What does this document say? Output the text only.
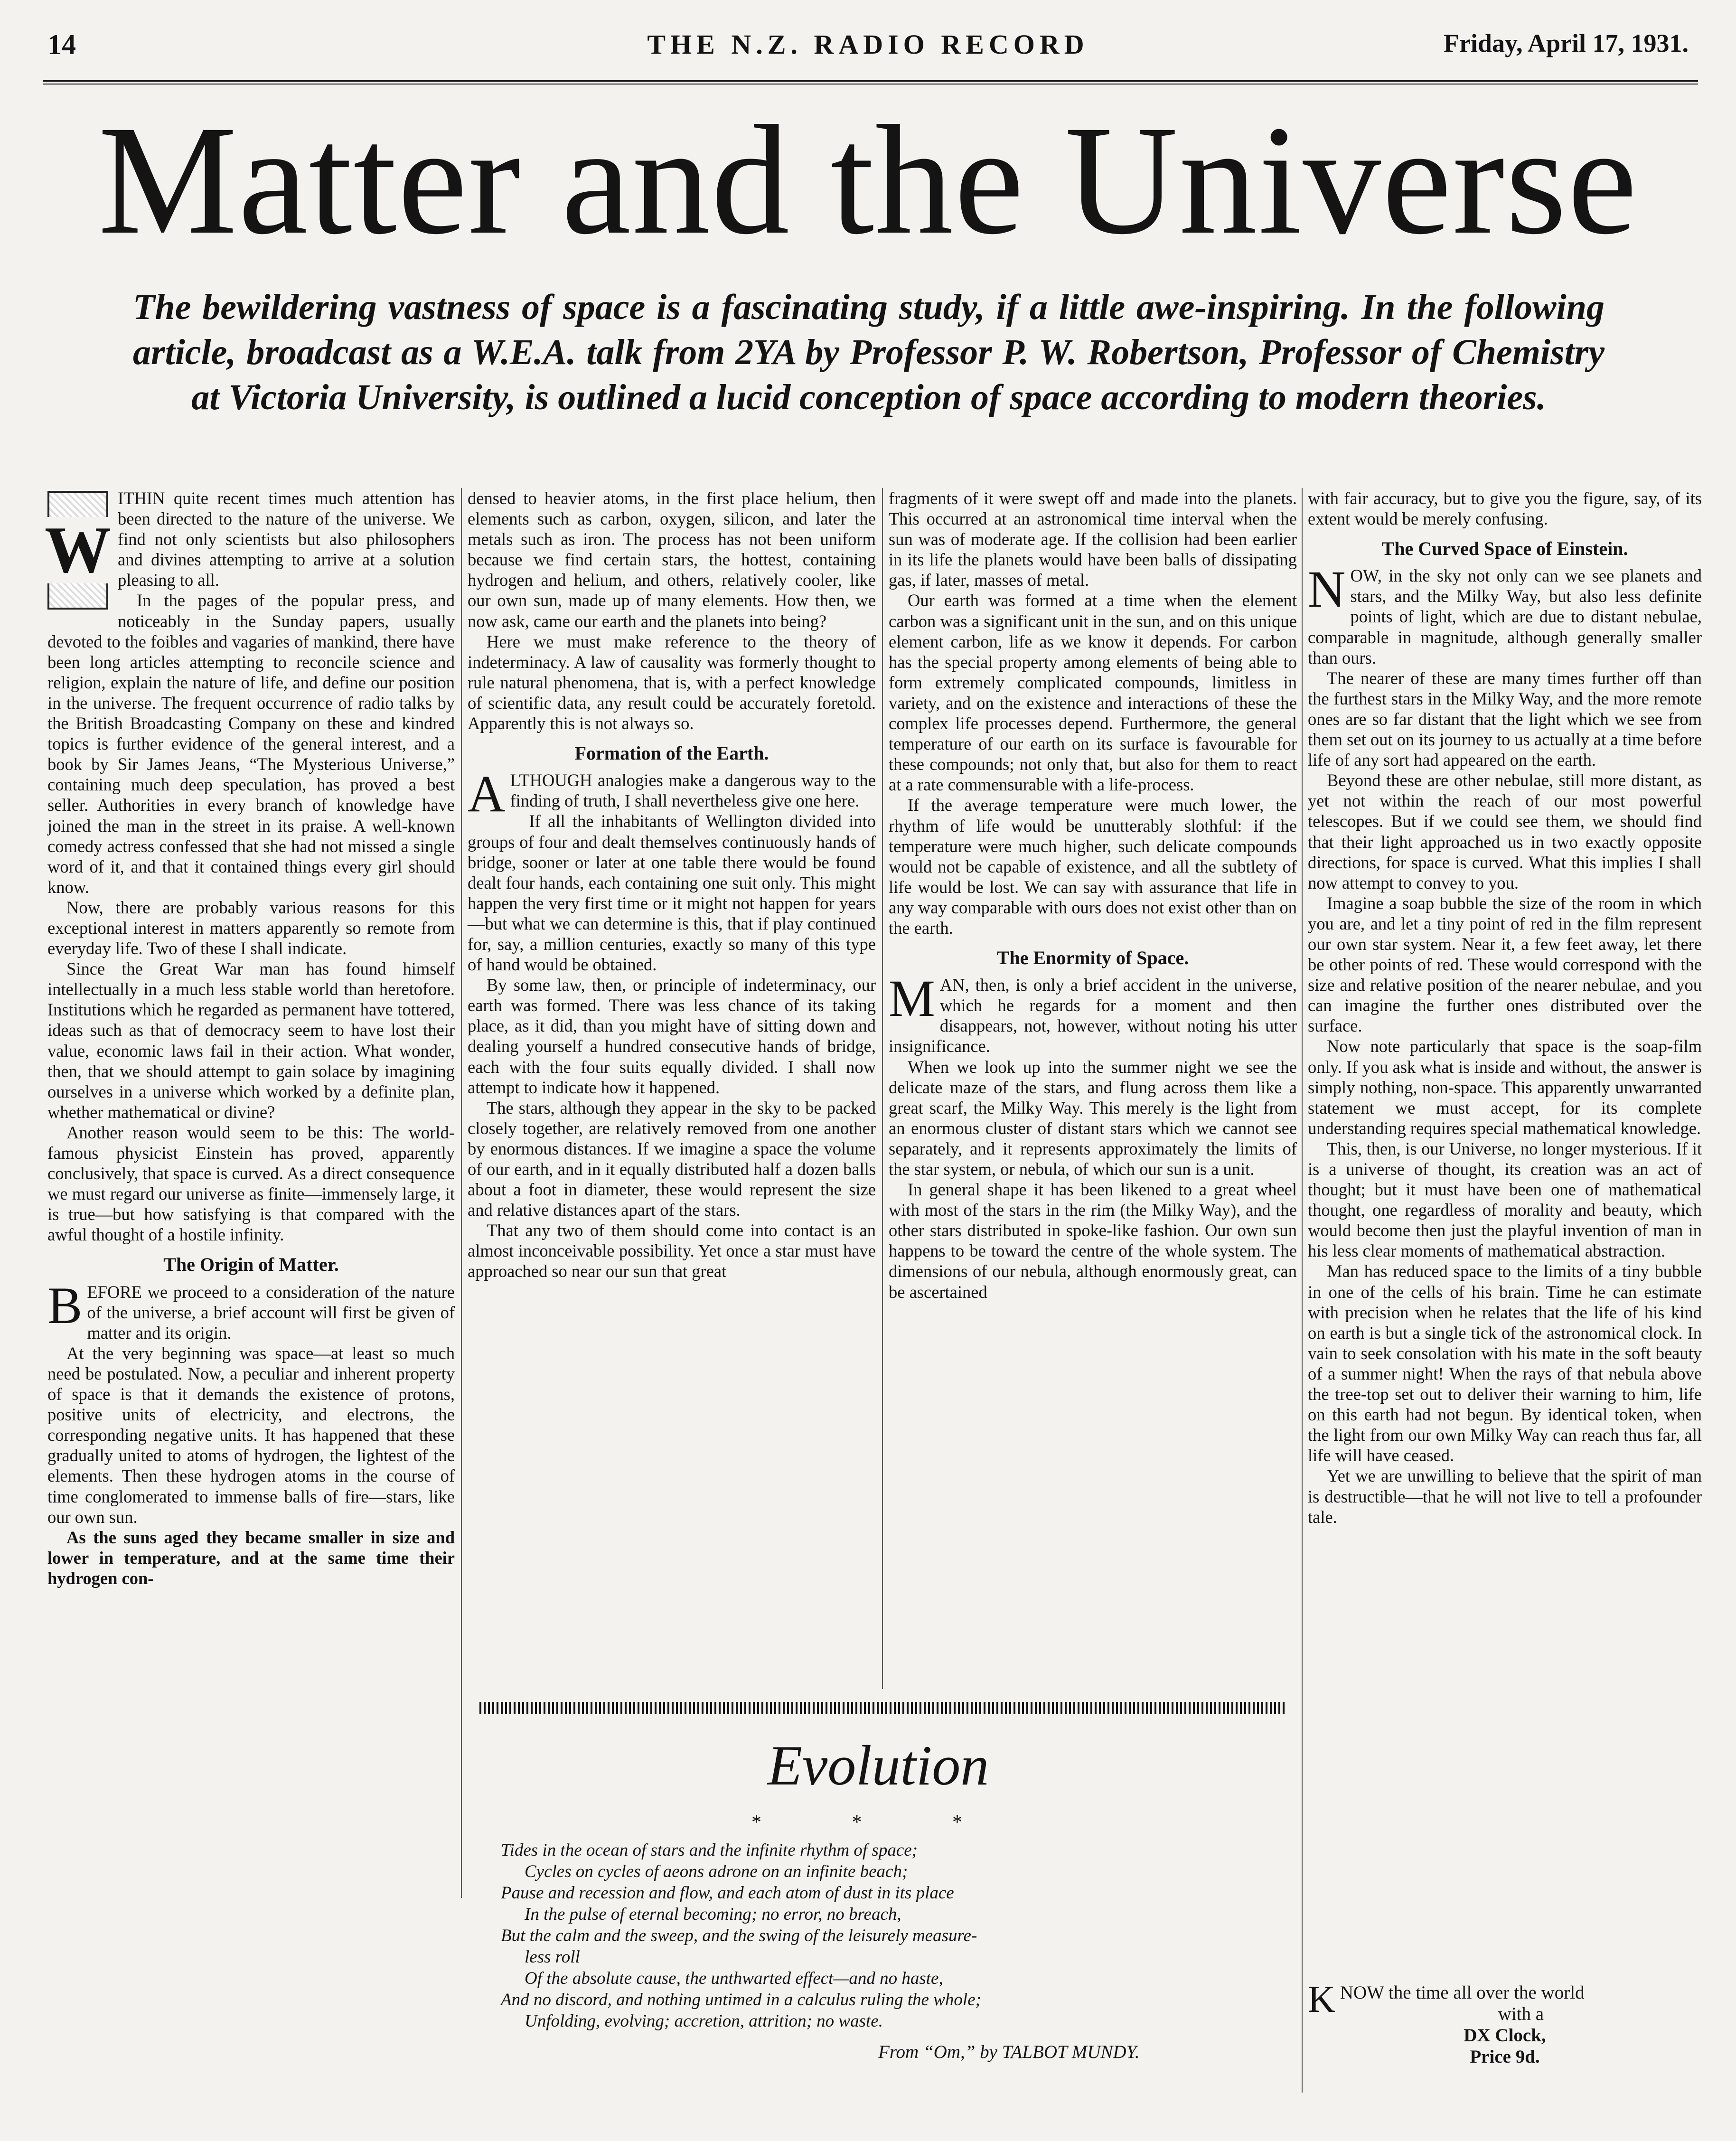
14	THE N.Z. RADIO RECORD	Friday, April 17, 1931.
Matter and the Universe
The bewildering vastness of space is a fascinating study, if a little awe-inspiring. In the following article, broadcast as a W.E.A. talk from 2YA by Professor P. W. Robertson, Professor of Chemistry at Victoria University, is outlined a lucid conception of space according to modern theories.

W
ITHIN quite recent times much attention has been directed to the nature of the universe. We find not only scientists but also philosophers and divines attempting to arrive at a solution pleasing to all.

In the pages of the popular press, and noticeably in the Sunday papers, usually devoted to the foibles and vagaries of mankind, there have been long articles attempting to reconcile science and religion, explain the nature of life, and define our position in the universe. The frequent occurrence of radio talks by the British Broadcasting Company on these and kindred topics is further evidence of the general interest, and a book by Sir James Jeans, “The Mysterious Universe,” containing much deep speculation, has proved a best seller. Authorities in every branch of knowledge have joined the man in the street in its praise. A well-known comedy actress confessed that she had not missed a single word of it, and that it contained things every girl should know.

Now, there are probably various reasons for this exceptional interest in matters apparently so remote from everyday life. Two of these I shall indicate.

Since the Great War man has found himself intellectually in a much less stable world than heretofore. Institutions which he regarded as permanent have tottered, ideas such as that of democracy seem to have lost their value, economic laws fail in their action. What wonder, then, that we should attempt to gain solace by imagining ourselves in a universe which worked by a definite plan, whether mathematical or divine?

Another reason would seem to be this: The world-famous physicist Einstein has proved, apparently conclusively, that space is curved. As a direct consequence we must regard our universe as finite—immensely large, it is true—but how satisfying is that compared with the awful thought of a hostile infinity.

The Origin of Matter.

BEFORE we proceed to a consideration of the nature of the universe, a brief account will first be given of matter and its origin.

At the very beginning was space—at least so much need be postulated. Now, a peculiar and inherent property of space is that it demands the existence of protons, positive units of electricity, and electrons, the corresponding negative units. It has happened that these gradually united to atoms of hydrogen, the lightest of the elements. Then these hydrogen atoms in the course of time conglomerated to immense balls of fire—stars, like our own sun.

As the suns aged they became smaller in size and lower in temperature, and at the same time their hydrogen con-

densed to heavier atoms, in the first place helium, then elements such as carbon, oxygen, silicon, and later the metals such as iron. The process has not been uniform because we find certain stars, the hottest, containing hydrogen and helium, and others, relatively cooler, like our own sun, made up of many elements. How then, we now ask, came our earth and the planets into being?

Here we must make reference to the theory of indeterminacy. A law of causality was formerly thought to rule natural phenomena, that is, with a perfect knowledge of scientific data, any result could be accurately foretold. Apparently this is not always so.

Formation of the Earth.

ALTHOUGH analogies make a dangerous way to the finding of truth, I shall nevertheless give one here.

If all the inhabitants of Wellington divided into groups of four and dealt themselves continuously hands of bridge, sooner or later at one table there would be found dealt four hands, each containing one suit only. This might happen the very first time or it might not happen for years—but what we can determine is this, that if play continued for, say, a million centuries, exactly so many of this type of hand would be obtained.

By some law, then, or principle of indeterminacy, our earth was formed. There was less chance of its taking place, as it did, than you might have of sitting down and dealing yourself a hundred consecutive hands of bridge, each with the four suits equally divided. I shall now attempt to indicate how it happened.

The stars, although they appear in the sky to be packed closely together, are relatively removed from one another by enormous distances. If we imagine a space the volume of our earth, and in it equally distributed half a dozen balls about a foot in diameter, these would represent the size and relative distances apart of the stars.

That any two of them should come into contact is an almost inconceivable possibility. Yet once a star must have approached so near our sun that great

fragments of it were swept off and made into the planets. This occurred at an astronomical time interval when the sun was of moderate age. If the collision had been earlier in its life the planets would have been balls of dissipating gas, if later, masses of metal.

Our earth was formed at a time when the element carbon was a significant unit in the sun, and on this unique element carbon, life as we know it depends. For carbon has the special property among elements of being able to form extremely complicated compounds, limitless in variety, and on the existence and interactions of these the complex life processes depend. Furthermore, the general temperature of our earth on its surface is favourable for these compounds; not only that, but also for them to react at a rate commensurable with a life-process.

If the average temperature were much lower, the rhythm of life would be unutterably slothful: if the temperature were much higher, such delicate compounds would not be capable of existence, and all the subtlety of life would be lost. We can say with assurance that life in any way comparable with ours does not exist other than on the earth.

The Enormity of Space.

MAN, then, is only a brief accident in the universe, which he regards for a moment and then disappears, not, however, without noting his utter insignificance.

When we look up into the summer night we see the delicate maze of the stars, and flung across them like a great scarf, the Milky Way. This merely is the light from an enormous cluster of distant stars which we cannot see separately, and it represents approximately the limits of the star system, or nebula, of which our sun is a unit.

In general shape it has been likened to a great wheel with most of the stars in the rim (the Milky Way), and the other stars distributed in spoke-like fashion. Our own sun happens to be toward the centre of the whole system. The dimensions of our nebula, although enormously great, can be ascertained

with fair accuracy, but to give you the figure, say, of its extent would be merely confusing.

The Curved Space of Einstein.

NOW, in the sky not only can we see planets and stars, and the Milky Way, but also less definite points of light, which are due to distant nebulae, comparable in magnitude, although generally smaller than ours.

The nearer of these are many times further off than the furthest stars in the Milky Way, and the more remote ones are so far distant that the light which we see from them set out on its journey to us actually at a time before life of any sort had appeared on the earth.

Beyond these are other nebulae, still more distant, as yet not within the reach of our most powerful telescopes. But if we could see them, we should find that their light approached us in two exactly opposite directions, for space is curved. What this implies I shall now attempt to convey to you.

Imagine a soap bubble the size of the room in which you are, and let a tiny point of red in the film represent our own star system. Near it, a few feet away, let there be other points of red. These would correspond with the size and relative position of the nearer nebulae, and you can imagine the further ones distributed over the surface.

Now note particularly that space is the soap-film only. If you ask what is inside and without, the answer is simply nothing, non-space. This apparently unwarranted statement we must accept, for its complete understanding requires special mathematical knowledge.

This, then, is our Universe, no longer mysterious. If it is a universe of thought, its creation was an act of thought; but it must have been one of mathematical thought, one regardless of morality and beauty, which would become then just the playful invention of man in his less clear moments of mathematical abstraction.

Man has reduced space to the limits of a tiny bubble in one of the cells of his brain. Time he can estimate with precision when he relates that the life of his kind on earth is but a single tick of the astronomical clock. In vain to seek consolation with his mate in the soft beauty of a summer night! When the rays of that nebula above the tree-top set out to deliver their warning to him, life on this earth had not begun. By identical token, when the light from our own Milky Way can reach thus far, all life will have ceased.

Yet we are unwilling to believe that the spirit of man is destructible—that he will not live to tell a profounder tale.

Evolution
* * *
Tides in the ocean of stars and the infinite rhythm of space;
Cycles on cycles of aeons adrone on an infinite beach;
Pause and recession and flow, and each atom of dust in its place
In the pulse of eternal becoming; no error, no breach,
But the calm and the sweep, and the swing of the leisurely measure-
less roll
Of the absolute cause, the unthwarted effect—and no haste,
And no discord, and nothing untimed in a calculus ruling the whole;
Unfolding, evolving; accretion, attrition; no waste.
From “Om,” by TALBOT MUNDY.
KNOW the time all over the world
with a
DX Clock,
Price 9d.
